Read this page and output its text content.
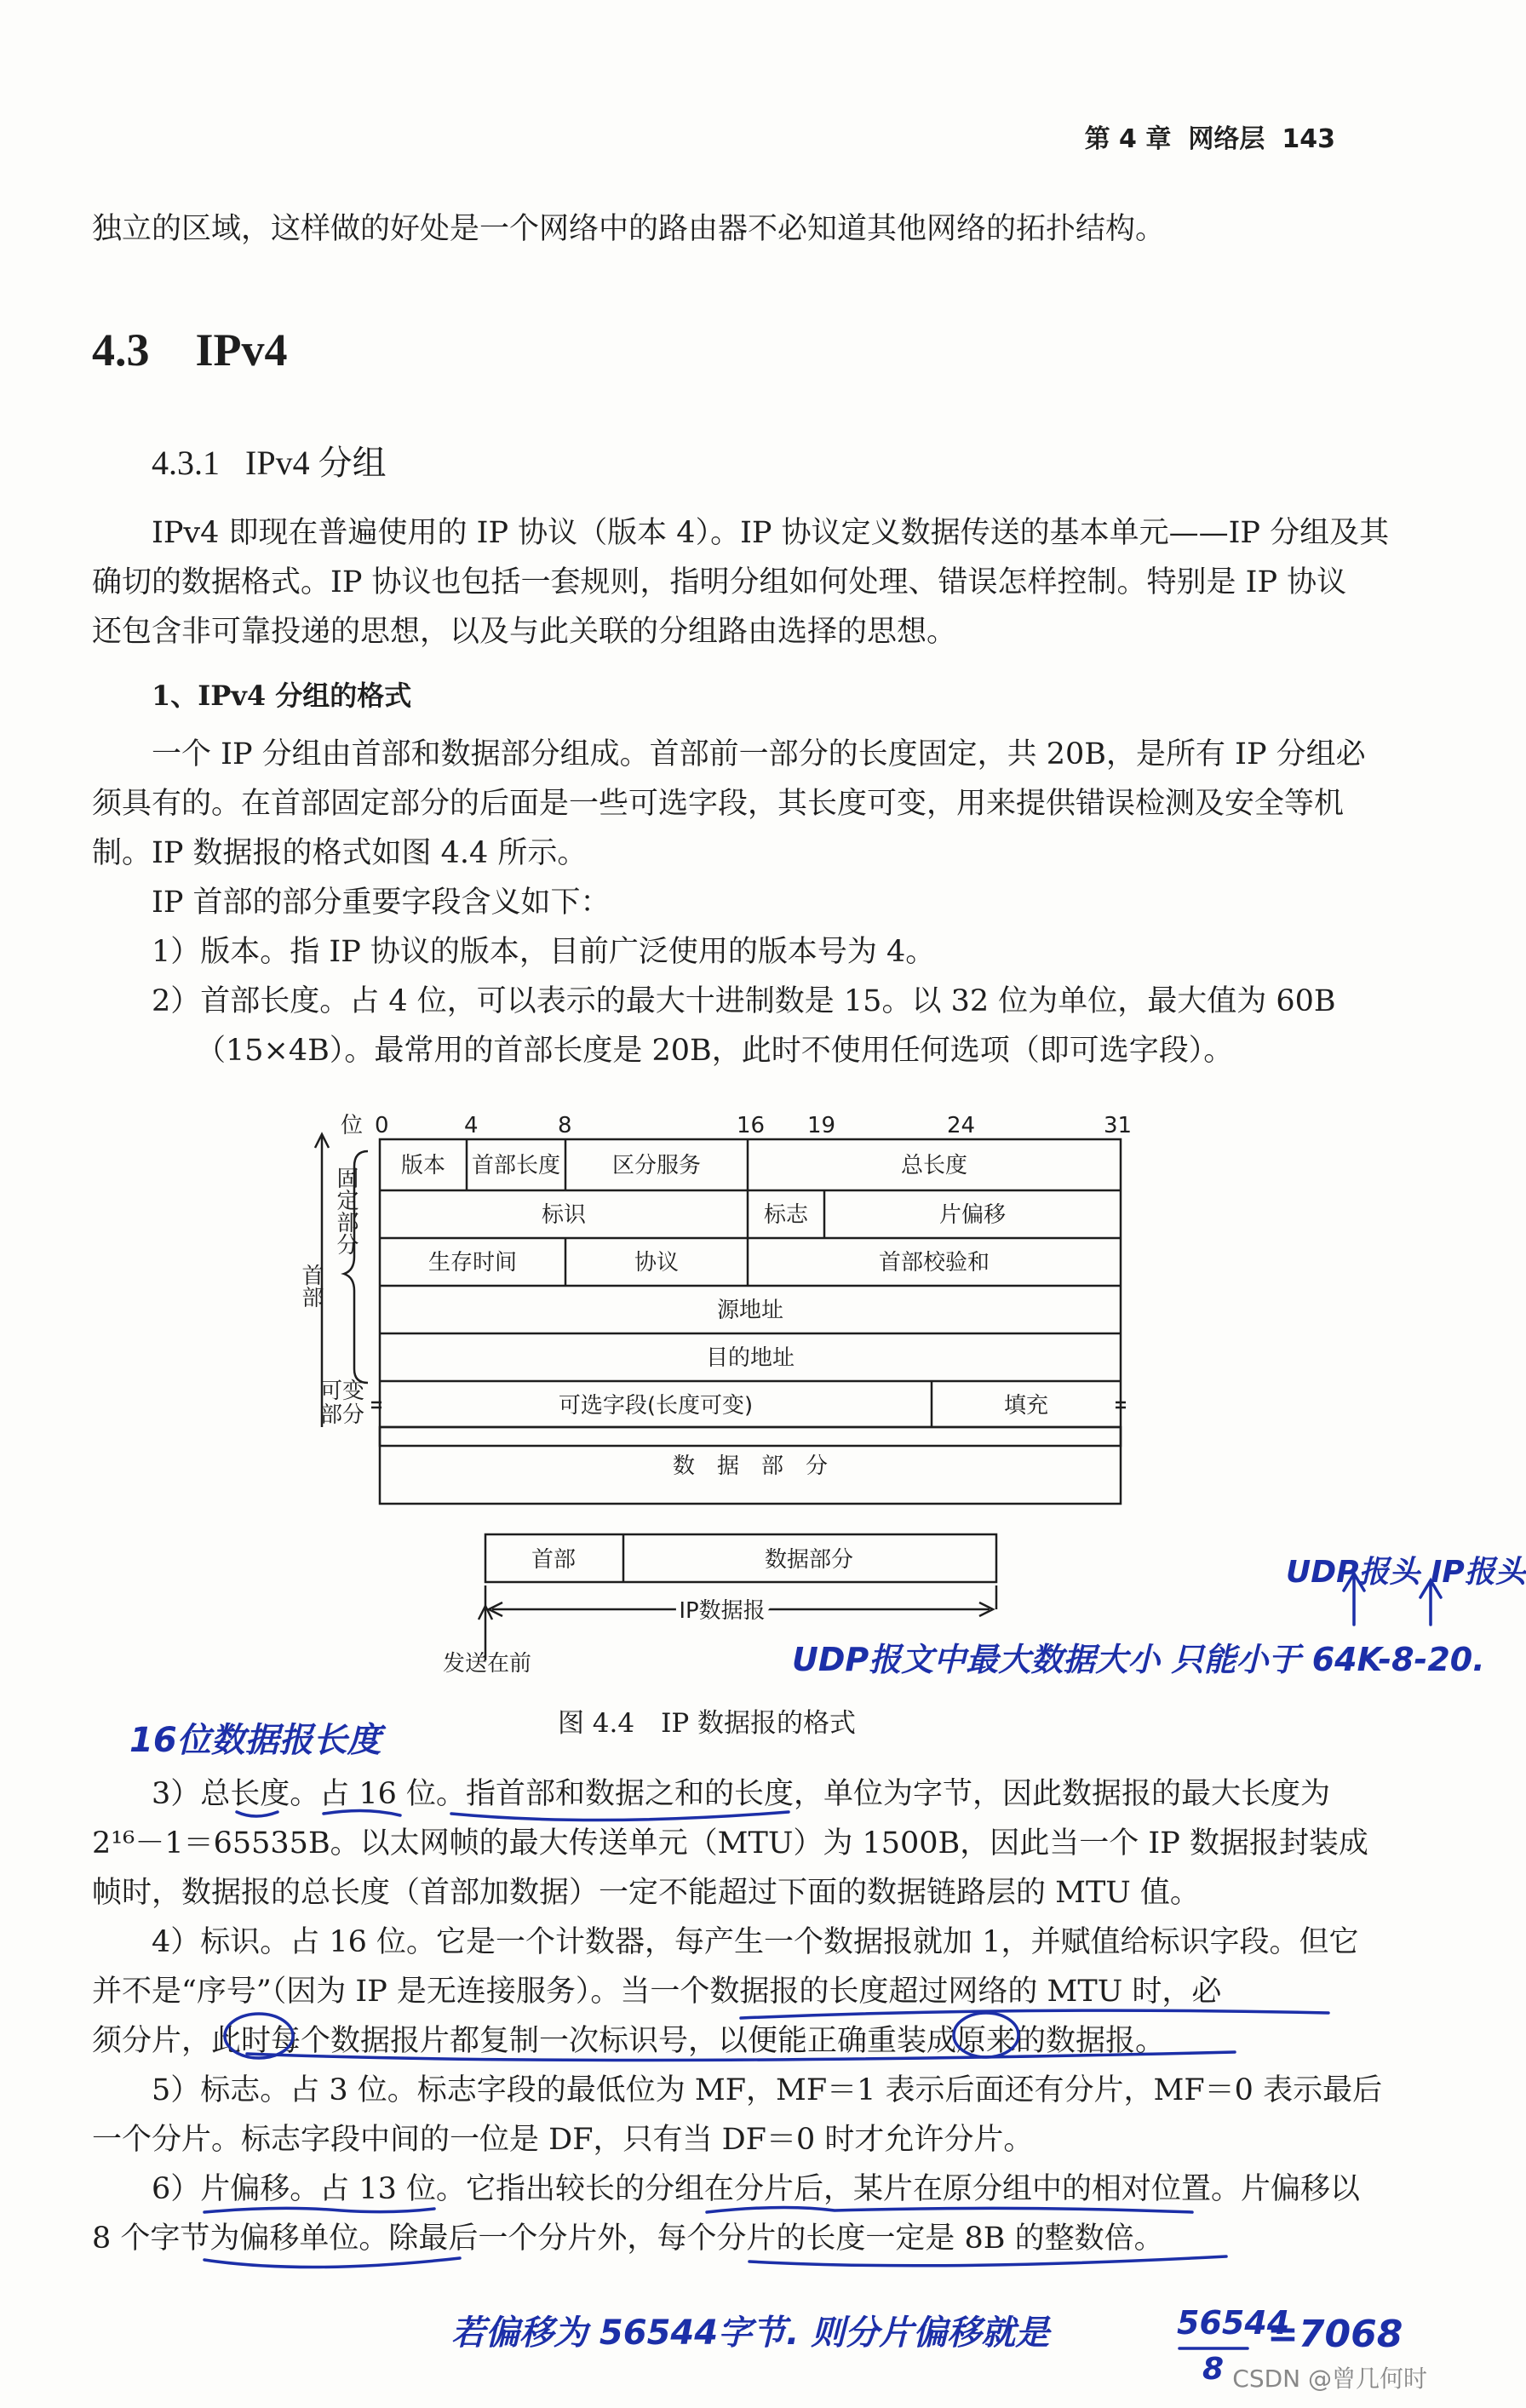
第 4 章 网络层 143

独立的区域，这样做的好处是一个网络中的路由器不必知道其他网络的拓扑结构。

4.3 IPv4
4.3.1 IPv4 分组

IPv4 即现在普遍使用的 IP 协议（版本 4）。IP 协议定义数据传送的基本单元——IP 分组及其
确切的数据格式。IP 协议也包括一套规则，指明分组如何处理、错误怎样控制。特别是 IP 协议
还包含非可靠投递的思想，以及与此关联的分组路由选择的思想。

1、IPv4 分组的格式

一个 IP 分组由首部和数据部分组成。首部前一部分的长度固定，共 20B，是所有 IP 分组必
须具有的。在首部固定部分的后面是一些可选字段，其长度可变，用来提供错误检测及安全等机
制。IP 数据报的格式如图 4.4 所示。
IP 首部的部分重要字段含义如下：
1）版本。指 IP 协议的版本，目前广泛使用的版本号为 4。
2）首部长度。占 4 位，可以表示的最大十进制数是 15。以 32 位为单位，最大值为 60B
（15×4B）。最常用的首部长度是 20B，此时不使用任何选项（即可选字段）。

位 0	4	8	16 19	24	31
版本 首部长度 区分服务	总长度
标识	标志	片偏移
生存时间	协议	首部校验和
源地址
目的地址
可选字段(长度可变)	填充
数　据　部　分
首部
固定部分
可变
部分
首部	数据部分
IP数据报
发送在前
图 4.4　IP 数据报的格式

3）总长度。占 16 位。指首部和数据之和的长度，单位为字节，因此数据报的最大长度为
2¹⁶－1＝65535B。以太网帧的最大传送单元（MTU）为 1500B，因此当一个 IP 数据报封装成
帧时，数据报的总长度（首部加数据）一定不能超过下面的数据链路层的 MTU 值。
4）标识。占 16 位。它是一个计数器，每产生一个数据报就加 1，并赋值给标识字段。但它
并不是“序号”（因为 IP 是无连接服务）。当一个数据报的长度超过网络的 MTU 时，必
须分片，此时每个数据报片都复制一次标识号，以便能正确重装成原来的数据报。
5）标志。占 3 位。标志字段的最低位为 MF，MF＝1 表示后面还有分片，MF＝0 表示最后
一个分片。标志字段中间的一位是 DF，只有当 DF＝0 时才允许分片。
6）片偏移。占 13 位。它指出较长的分组在分片后，某片在原分组中的相对位置。片偏移以
8 个字节为偏移单位。除最后一个分片外，每个分片的长度一定是 8B 的整数倍。

UDP报头 IP报头
UDP报文中最大数据大小 只能小于 64K-8-20.
16位数据报长度
若偏移为 56544字节. 则分片偏移就是	56544
8
=7068
CSDN @曾几何时
